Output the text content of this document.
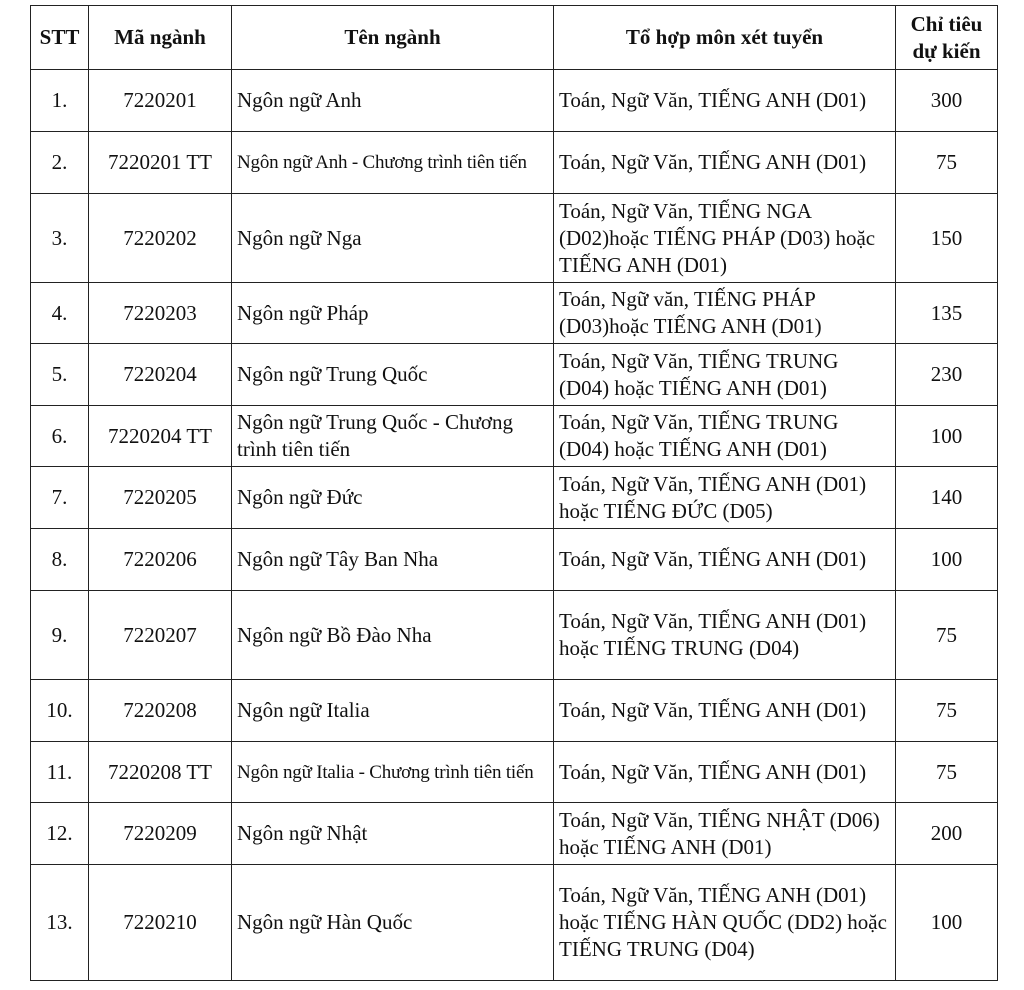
STT	Mã ngành	Tên ngành	Tổ hợp môn xét tuyển	Chỉ tiêu
dự kiến
1.	7220201	Ngôn ngữ Anh	Toán, Ngữ Văn, TIẾNG ANH (D01)	300
2.	7220201 TT	Ngôn ngữ Anh - Chương trình tiên tiến	Toán, Ngữ Văn, TIẾNG ANH (D01)	75
3.	7220202	Ngôn ngữ Nga	Toán, Ngữ Văn, TIẾNG NGA (D02)hoặc TIẾNG PHÁP (D03) hoặc TIẾNG ANH (D01)	150
4.	7220203	Ngôn ngữ Pháp	Toán, Ngữ văn, TIẾNG PHÁP (D03)hoặc TIẾNG ANH (D01)	135
5.	7220204	Ngôn ngữ Trung Quốc	Toán, Ngữ Văn, TIẾNG TRUNG (D04) hoặc TIẾNG ANH (D01)	230
6.	7220204 TT	Ngôn ngữ Trung Quốc - Chương trình tiên tiến	Toán, Ngữ Văn, TIẾNG TRUNG (D04) hoặc TIẾNG ANH (D01)	100
7.	7220205	Ngôn ngữ Đức	Toán, Ngữ Văn, TIẾNG ANH (D01) hoặc TIẾNG ĐỨC (D05)	140
8.	7220206	Ngôn ngữ Tây Ban Nha	Toán, Ngữ Văn, TIẾNG ANH (D01)	100
9.	7220207	Ngôn ngữ Bồ Đào Nha	Toán, Ngữ Văn, TIẾNG ANH (D01) hoặc TIẾNG TRUNG (D04)	75
10.	7220208	Ngôn ngữ Italia	Toán, Ngữ Văn, TIẾNG ANH (D01)	75
11.	7220208 TT	Ngôn ngữ Italia - Chương trình tiên tiến	Toán, Ngữ Văn, TIẾNG ANH (D01)	75
12.	7220209	Ngôn ngữ Nhật	Toán, Ngữ Văn, TIẾNG NHẬT (D06) hoặc TIẾNG ANH (D01)	200
13.	7220210	Ngôn ngữ Hàn Quốc	Toán, Ngữ Văn, TIẾNG ANH (D01) hoặc TIẾNG HÀN QUỐC (DD2) hoặc TIẾNG TRUNG (D04)	100
